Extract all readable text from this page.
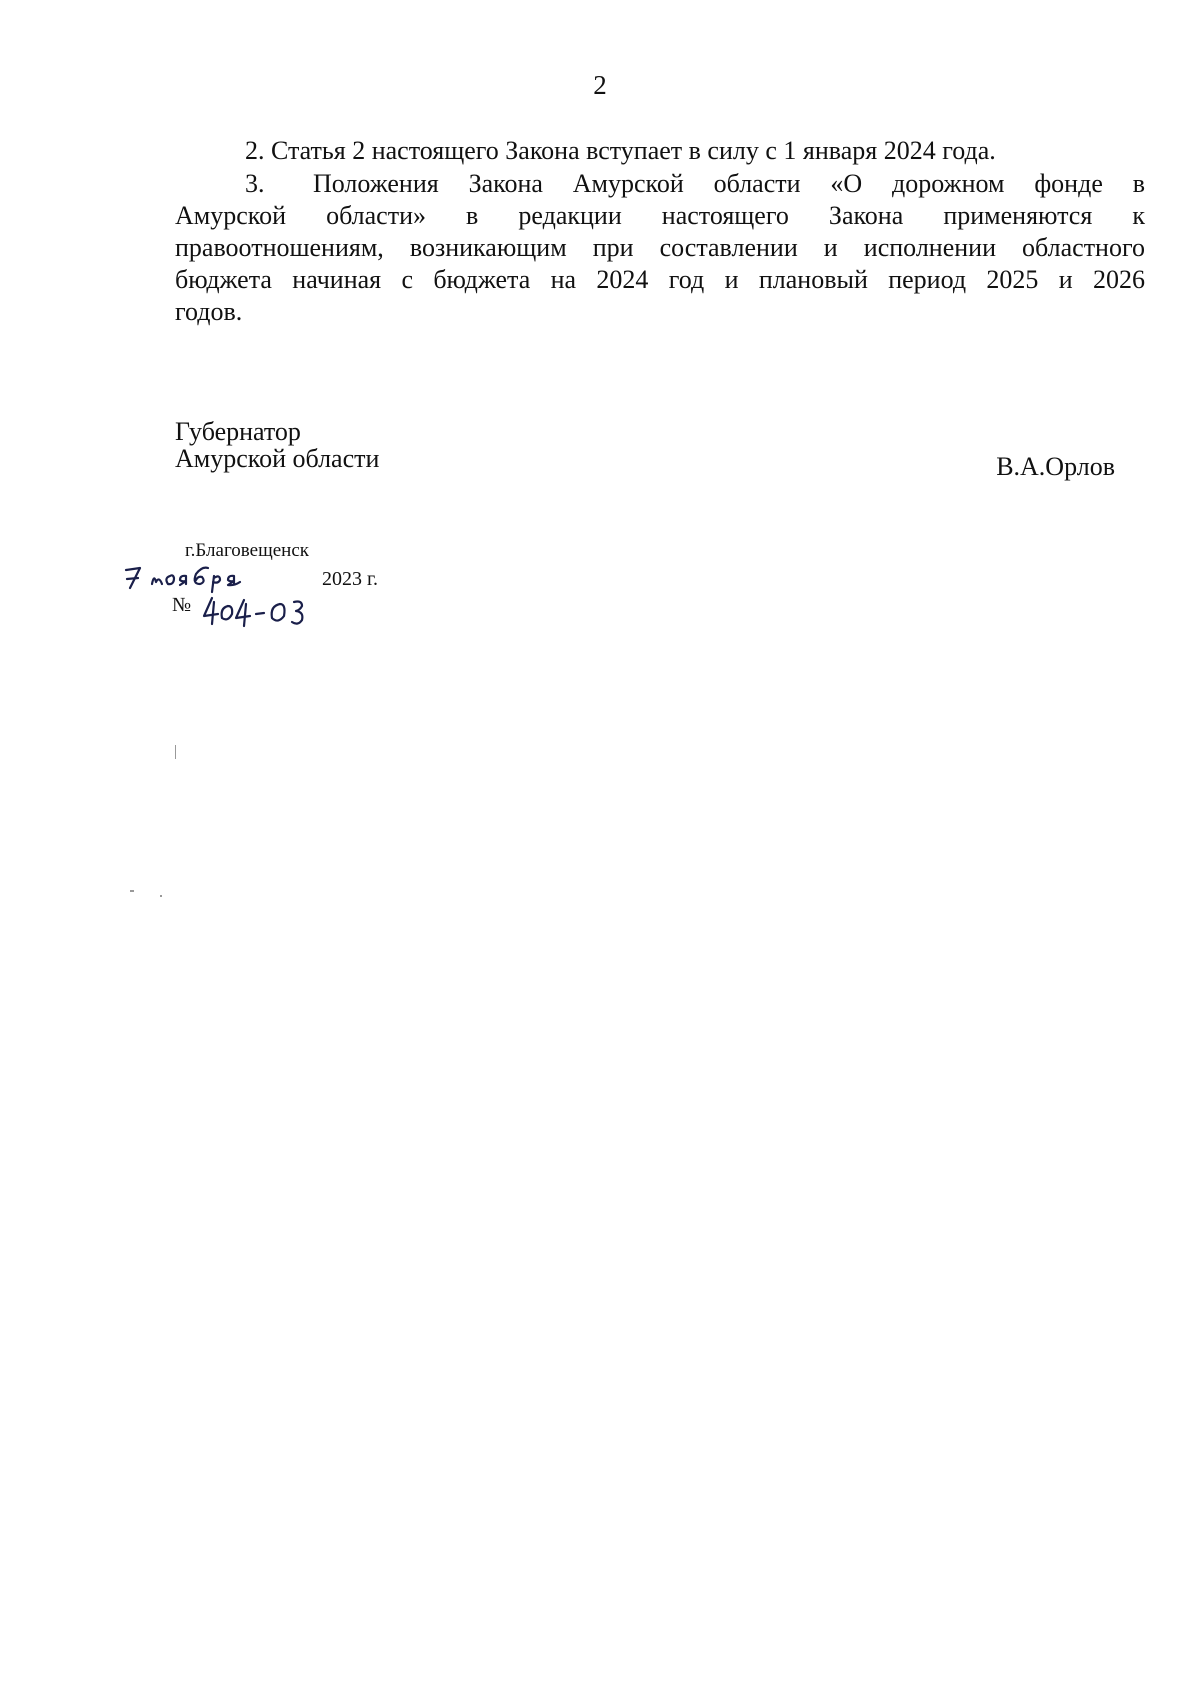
2
2. Статья 2 настоящего Закона вступает в силу с 1 января 2024 года.
3. Положения Закона Амурской области «О дорожном фонде в Амурской области» в редакции настоящего Закона применяются к правоотношениям, возникающим при составлении и исполнении областного бюджета начиная с бюджета на 2024 год и плановый период 2025 и 2026 годов.
Губернатор
Амурской области	В.А.Орлов
г.Благовещенск
2023 г.
№
